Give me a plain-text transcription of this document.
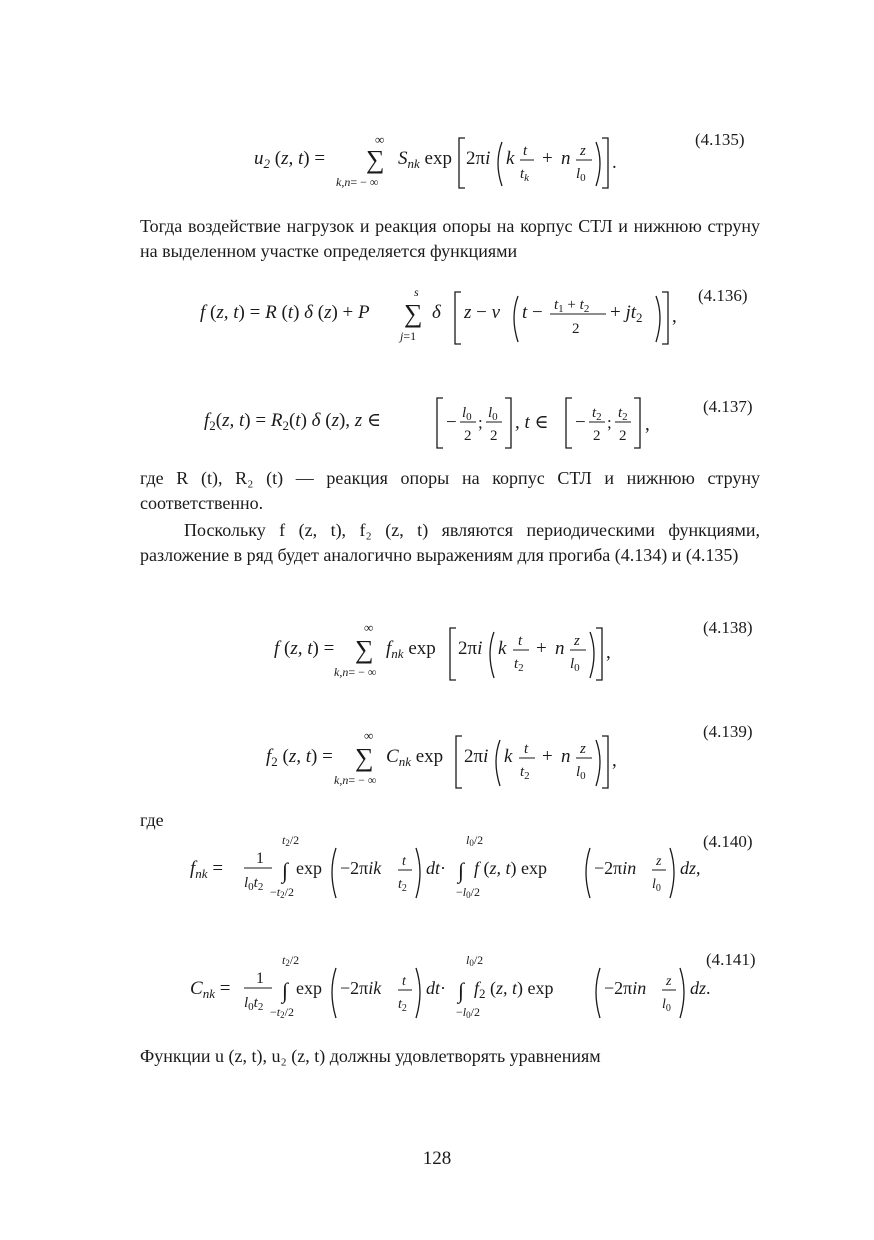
$u_2$ (z, t) =
∞
∑
k,n= − ∞
$S_{nk}$ exp 2πi k t
$t_k$
+ n z
$l_0$
.
(4.135)
Тогда воздействие нагрузок и реакция опоры на корпус СТЛ и нижнюю струну на выделенном участке определяется функциями
f (z, t) = R (t) δ (z) + P
s
∑
j=1
δ z − v $t - t_1 + t_2$
2
+ $jt_2$ ,
(4.136)
$f_2(z$, $t) = R_2(t)$ δ (z), z ∈	− $l_0$
2
; $l_0$
2
, t ∈ − $t_2$
2
; $t_2$
2
,
(4.137)
где R (t), R₂ (t) — реакция опоры на корпус СТЛ и нижнюю струну соответственно.
Поскольку f (z, t), f₂ (z, t) являются периодическими функциями, разложение в ряд будет аналогично выражениям для прогиба (4.134) и (4.135)
f (z, t) =
∞
∑
k,n= − ∞
$f_{nk}$ exp 2πi k t
$t_2$
+ n z
$l_0$
,
(4.138)
$f_2$ (z, t) =
∞
∑
k,n= − ∞
$C_{nk}$ exp 2πi k t
$t_2$
+ n z
$l_0$
,
(4.139)
где
$f_{nk} = 1$
$l_0t_2$
t2/2
∫
−t2/2
exp −2πik t
$t_2$
dt·
l0/2
∫
−l0/2
f (z, t) exp	−2πin z
$l_0$
dz,
(4.140)
$C_{nk} = 1$
$l_0t_2$
t2/2
∫
−t2/2
exp −2πik t
$t_2$
dt·
l0/2
∫
−l0/2
$f_2$ (z, t) exp	−2πin z
$l_0$
dz.
(4.141)
Функции u (z, t), u₂ (z, t) должны удовлетворять уравнениям
128
